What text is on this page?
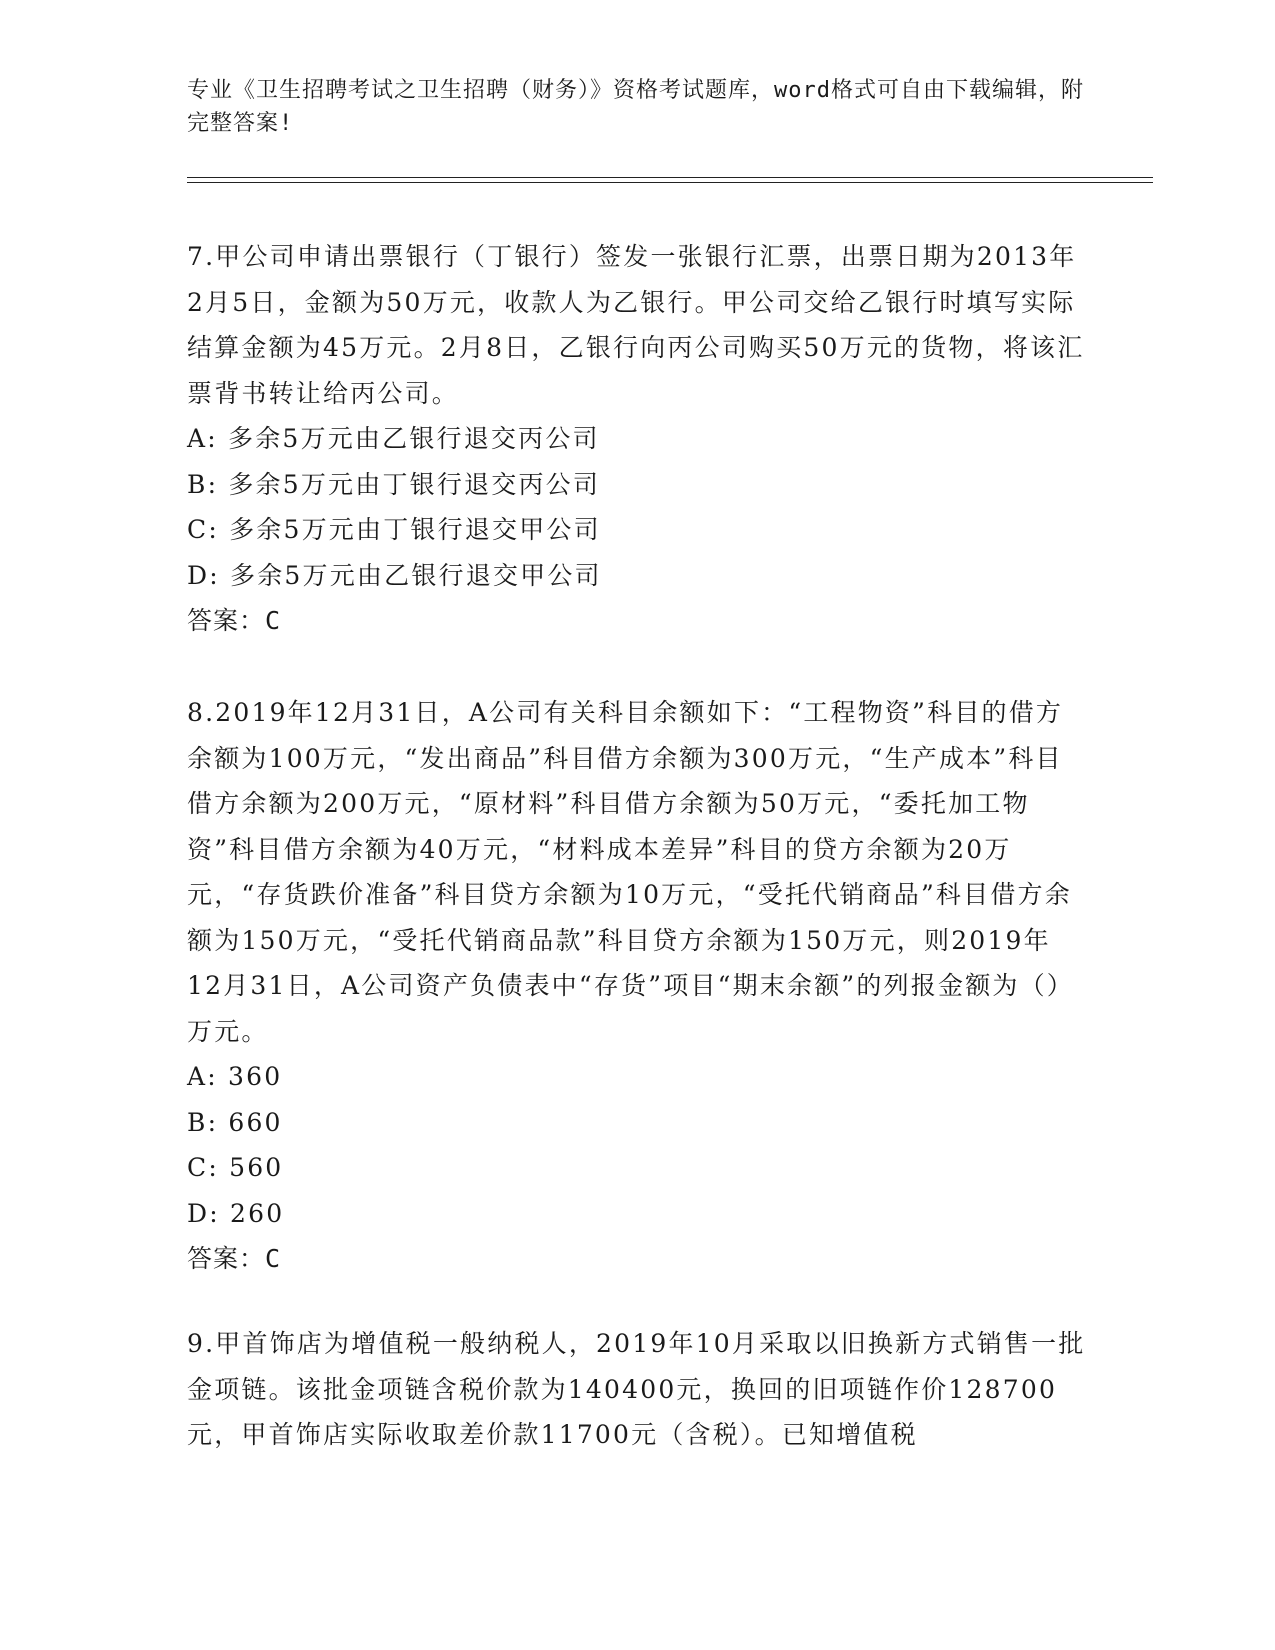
专业《卫生招聘考试之卫生招聘（财务）》资格考试题库，word格式可自由下载编辑，附完整答案!

7.甲公司申请出票银行（丁银行）签发一张银行汇票，出票日期为2013年2月5日，金额为50万元，收款人为乙银行。甲公司交给乙银行时填写实际结算金额为45万元。2月8日，乙银行向丙公司购买50万元的货物，将该汇票背书转让给丙公司。

A: 多余5万元由乙银行退交丙公司

B: 多余5万元由丁银行退交丙公司

C: 多余5万元由丁银行退交甲公司

D: 多余5万元由乙银行退交甲公司

答案：C

8.2019年12月31日，A公司有关科目余额如下：“工程物资”科目的借方余额为100万元，“发出商品”科目借方余额为300万元，“生产成本”科目借方余额为200万元，“原材料”科目借方余额为50万元，“委托加工物资”科目借方余额为40万元，“材料成本差异”科目的贷方余额为20万元，“存货跌价准备”科目贷方余额为10万元，“受托代销商品”科目借方余额为150万元，“受托代销商品款”科目贷方余额为150万元，则2019年12月31日，A公司资产负债表中“存货”项目“期末余额”的列报金额为（）万元。

A: 360

B: 660

C: 560

D: 260

答案：C

9.甲首饰店为增值税一般纳税人，2019年10月采取以旧换新方式销售一批金项链。该批金项链含税价款为140400元，换回的旧项链作价128700元，甲首饰店实际收取差价款11700元（含税）。已知增值税
